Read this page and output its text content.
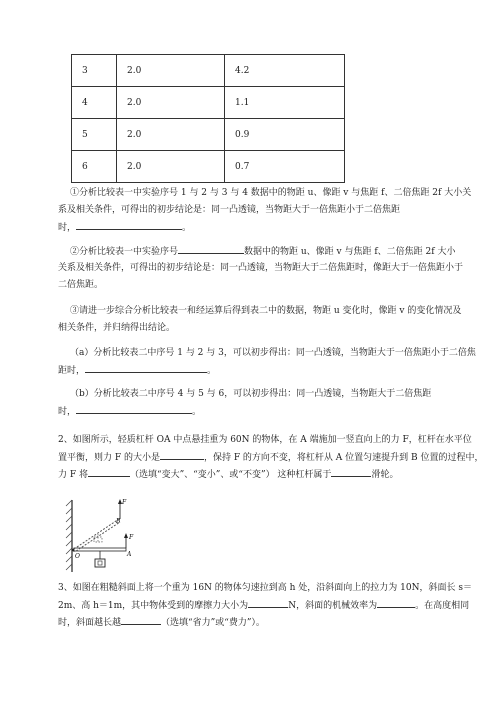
3	2.0	4.2
4	2.0	1.1
5	2.0	0.9
6	2.0	0.7
①分析比较表一中实验序号 1 与 2 与 3 与 4 数据中的物距 u、像距 v 与焦距 f、二倍焦距 2f 大小关
系及相关条件，可得出的初步结论是：同一凸透镜，当物距大于一倍焦距小于二倍焦距
时，	。
②分析比较表一中实验序号	数据中的物距 u、像距 v 与焦距 f、二倍焦距 2f 大小
关系及相关条件，可得出的初步结论是：同一凸透镜，当物距大于二倍焦距时，像距大于一倍焦距小于
二倍焦距。
③请进一步综合分析比较表一和经运算后得到表二中的数据，物距 u 变化时，像距 v 的变化情况及
相关条件，并归纳得出结论。
（a）分析比较表二中序号 1 与 2 与 3，可以初步得出：同一凸透镜，当物距大于一倍焦距小于二倍焦
距时，	。
（b）分析比较表二中序号 4 与 5 与 6，可以初步得出：同一凸透镜，当物距大于二倍焦距
时，	。
2、如图所示，轻质杠杆 OA 中点悬挂重为 60N 的物体，在 A 端施加一竖直向上的力 F，杠杆在水平位
置平衡，则力 F 的大小是	，保持 F 的方向不变，将杠杆从 A 位置匀速提升到 B 位置的过程中，
力 F 将	（选填“变大”、“变小”、或“不变”） 这种杠杆属于	滑轮。
F
B
F
A
O
3、如图在粗糙斜面上将一个重为 16N 的物体匀速拉到高 h 处，沿斜面向上的拉力为 10N，斜面长 s＝
2m、高 h＝1m，其中物体受到的摩擦力大小为	N，斜面的机械效率为	。在高度相同
时，斜面越长越	（选填“省力”或“费力”）。
